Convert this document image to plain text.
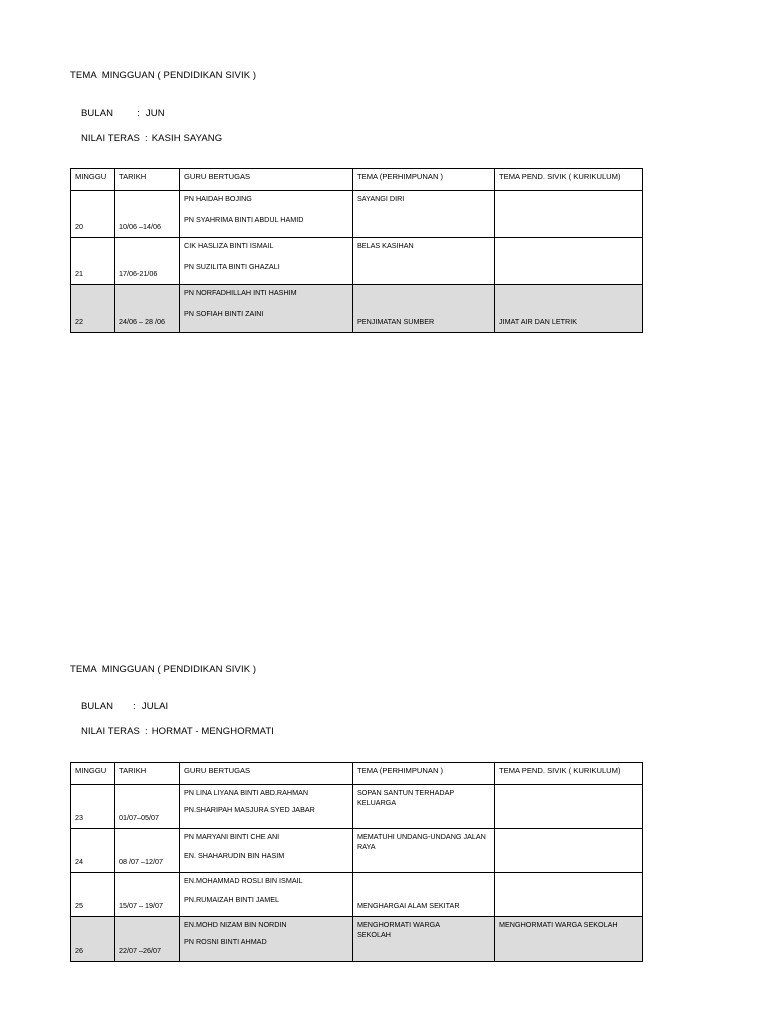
TEMA  MINGGUAN ( PENDIDIKAN SIVIK )

BULAN	: JUN

NILAI TERAS : KASIH SAYANG

MINGGU	TARIKH	GURU BERTUGAS	TEMA (PERHIMPUNAN )	TEMA PEND. SIVIK ( KURIKULUM)

20	10/06 –14/06	PN HAIDAH BOJING
PN SYAHRIMA BINTI ABDUL HAMID	SAYANGI DIRI	

21	17/06-21/06	CIK HASLIZA BINTI ISMAIL
PN SUZILITA BINTI GHAZALI	BELAS KASIHAN	

22	24/06 – 28 /06	PN NORFADHILLAH INTI HASHIM
PN SOFIAH BINTI ZAINI	PENJIMATAN SUMBER	JIMAT AIR DAN LETRIK
TEMA  MINGGUAN ( PENDIDIKAN SIVIK )

BULAN : JULAI

NILAI TERAS : HORMAT - MENGHORMATI

MINGGU	TARIKH	GURU BERTUGAS	TEMA (PERHIMPUNAN )	TEMA PEND. SIVIK ( KURIKULUM)

23	01/07–05/07	PN LINA LIYANA BINTI ABD.RAHMAN
PN.SHARIPAH MASJURA SYED JABAR	SOPAN SANTUN TERHADAP KELUARGA	

24	08 /07 –12/07	PN MARYANI BINTI CHE ANI
EN. SHAHARUDIN BIN HASIM	MEMATUHI UNDANG-UNDANG JALAN RAYA	

25	15/07 – 19/07	EN.MOHAMMAD ROSLI BIN ISMAIL
PN.RUMAIZAH BINTI JAMEL	MENGHARGAI ALAM SEKITAR	

26	22/07 –26/07	EN.MOHD NIZAM BIN NORDIN
PN ROSNI BINTI AHMAD	MENGHORMATI WARGA SEKOLAH	MENGHORMATI WARGA SEKOLAH
